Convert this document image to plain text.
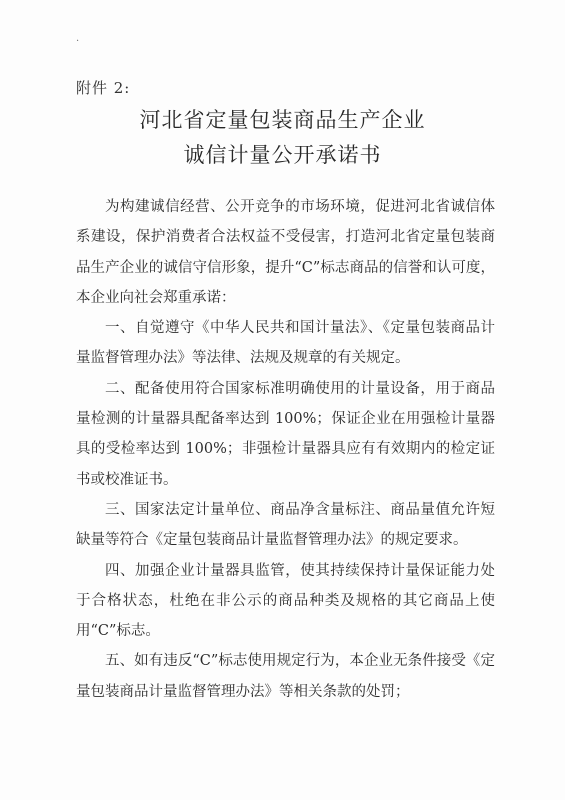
·
附件 2:
河北省定量包装商品生产企业
诚信计量公开承诺书

为构建诚信经营、公开竞争的市场环境，促进河北省诚信体系建设，保护消费者合法权益不受侵害，打造河北省定量包装商品生产企业的诚信守信形象，提升“C”标志商品的信誉和认可度，本企业向社会郑重承诺：

一、自觉遵守《中华人民共和国计量法》、《定量包装商品计量监督管理办法》等法律、法规及规章的有关规定。

二、配备使用符合国家标准明确使用的计量设备，用于商品量检测的计量器具配备率达到 100%；保证企业在用强检计量器具的受检率达到 100%；非强检计量器具应有有效期内的检定证书或校准证书。

三、国家法定计量单位、商品净含量标注、商品量值允许短缺量等符合《定量包装商品计量监督管理办法》的规定要求。

四、加强企业计量器具监管，使其持续保持计量保证能力处于合格状态，杜绝在非公示的商品种类及规格的其它商品上使用“C”标志。

五、如有违反“C”标志使用规定行为，本企业无条件接受《定量包装商品计量监督管理办法》等相关条款的处罚；
